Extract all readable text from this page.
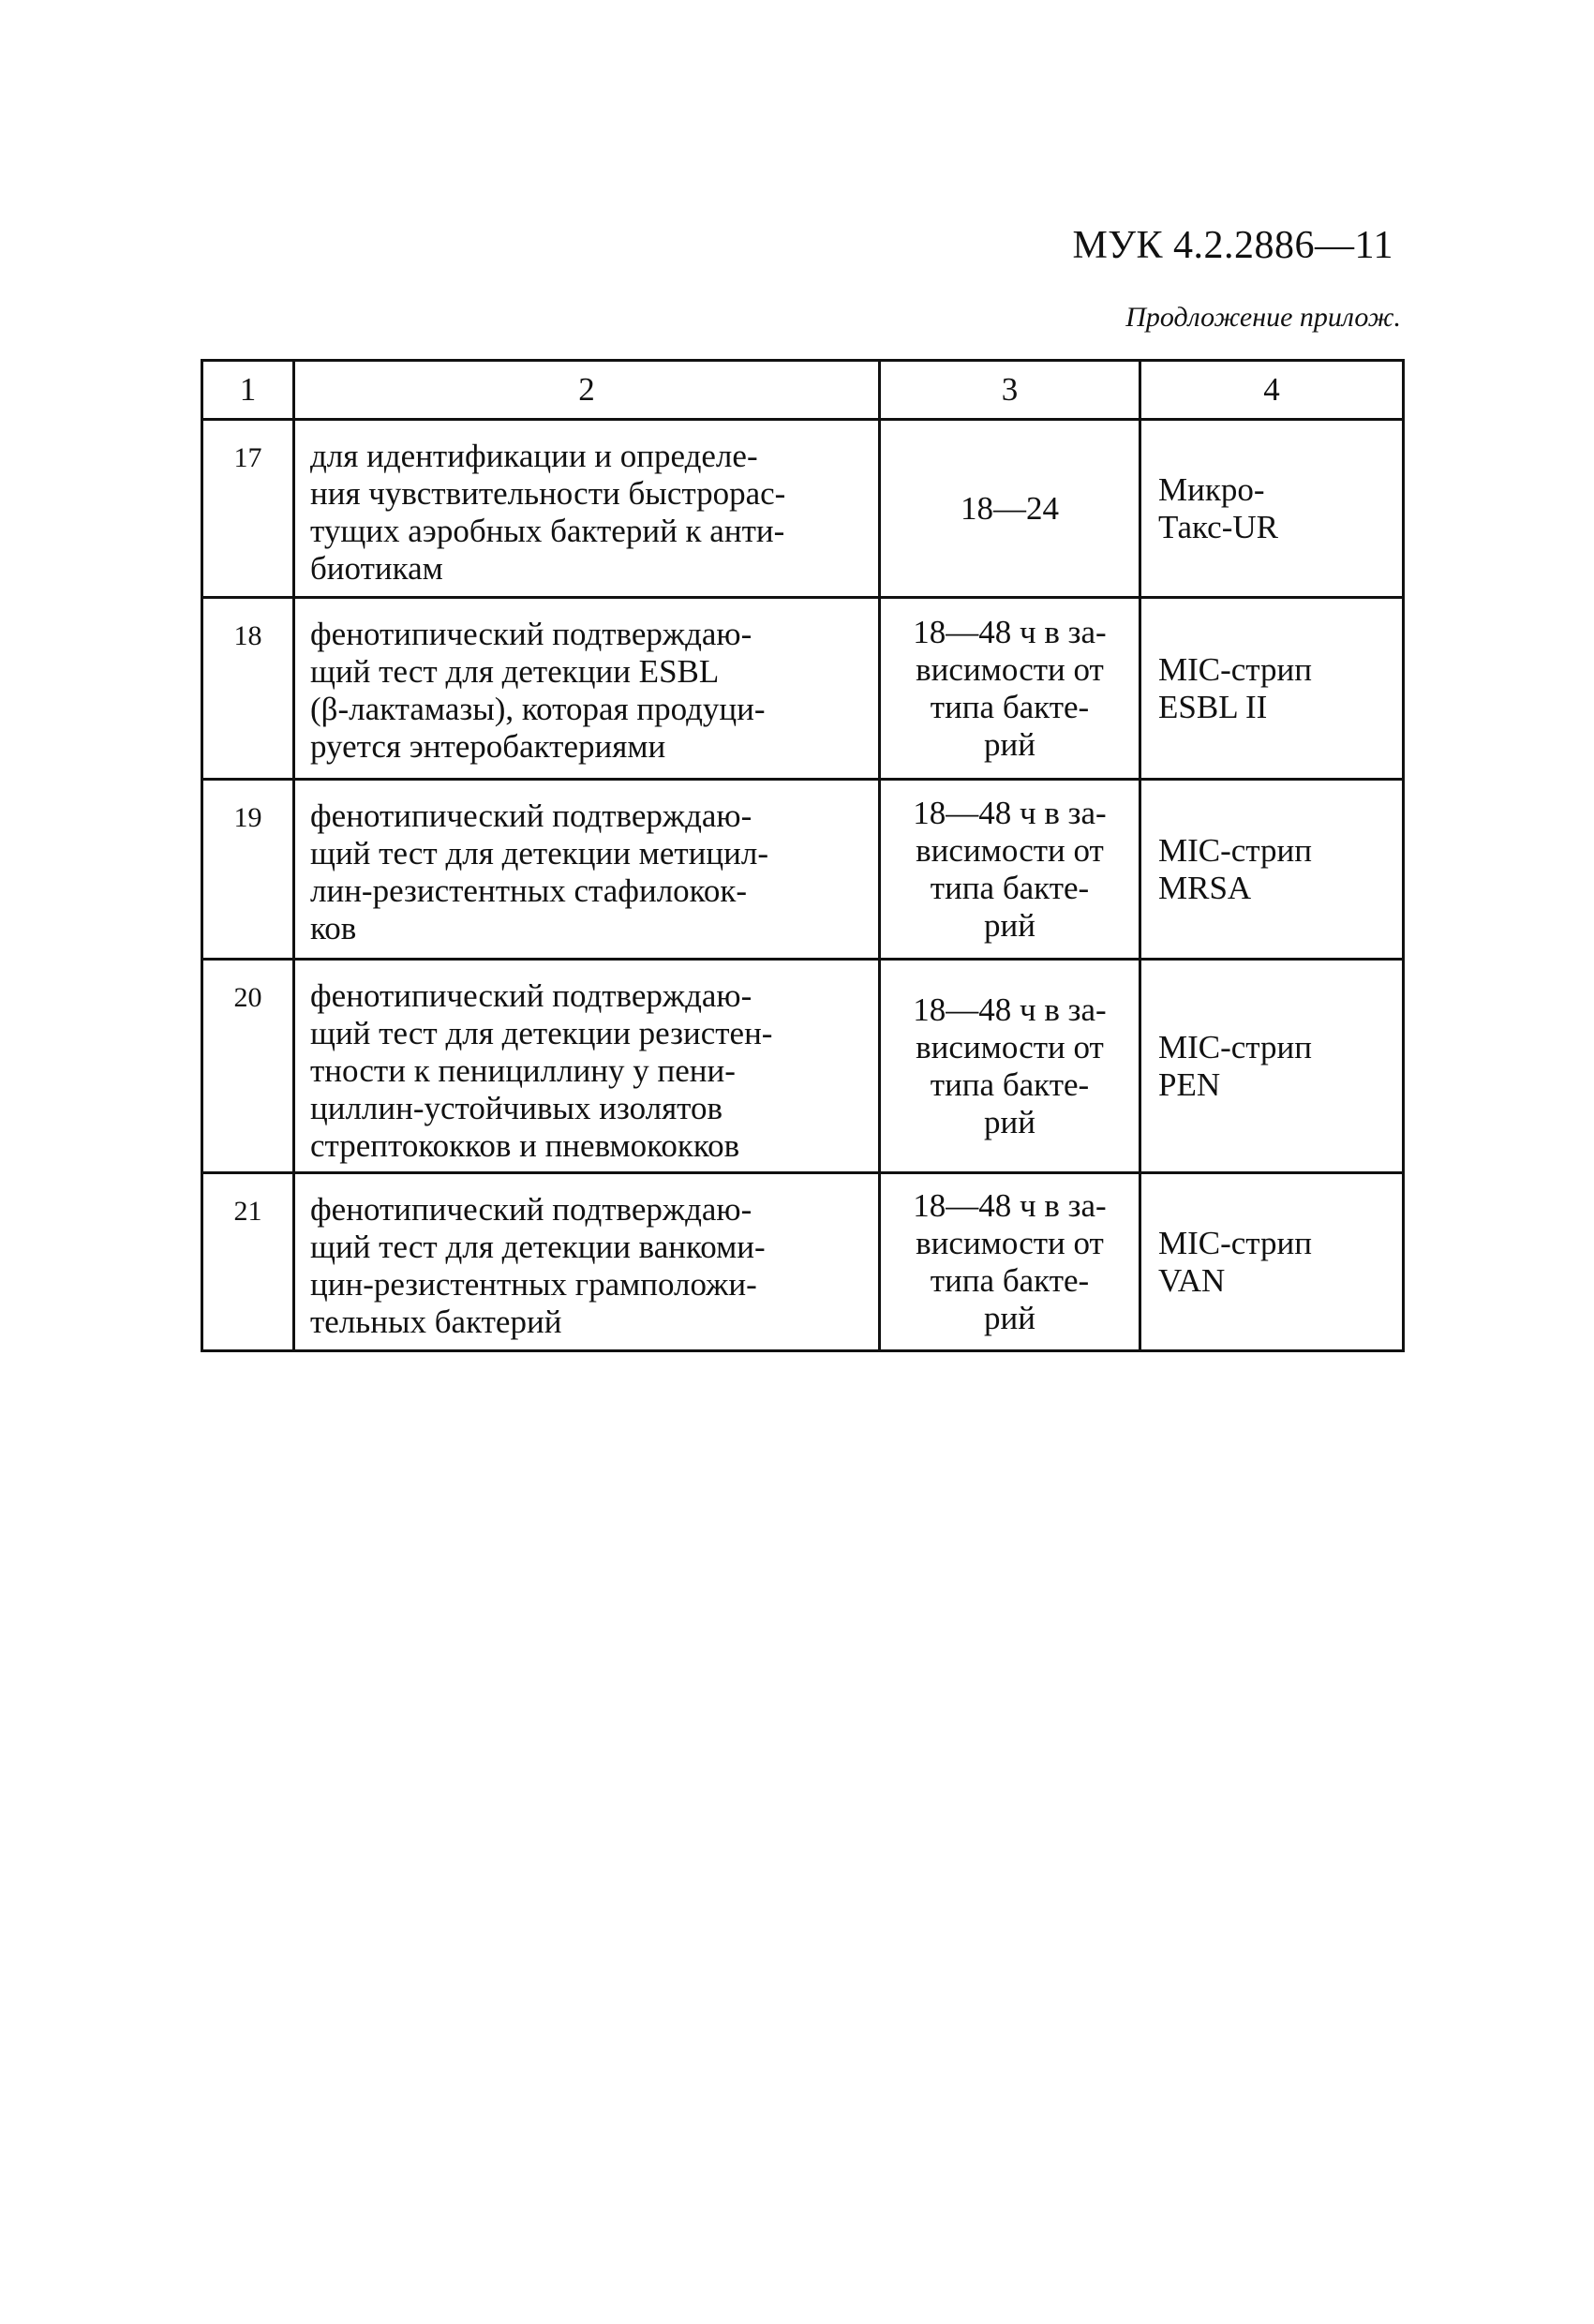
МУК 4.2.2886—11
Продложение прилож.
1	2	3	4
17	для идентификации и определе-
ния чувствительности быстрорас-
тущих аэробных бактерий к анти-
биотикам	18—24	Микро-
Такс-UR
18	фенотипический подтверждаю-
щий тест для детекции ESBL
(β-лактамазы), которая продуци-
руется энтеробактериями	18—48 ч в за-
висимости от
типа бакте-
рий	MIC-стрип
ESBL II
19	фенотипический подтверждаю-
щий тест для детекции метицил-
лин-резистентных стафилокок-
ков	18—48 ч в за-
висимости от
типа бакте-
рий	MIC-стрип
MRSA
20	фенотипический подтверждаю-
щий тест для детекции резистен-
тности к пенициллину у пени-
циллин-устойчивых изолятов
стрептококков и пневмококков	18—48 ч в за-
висимости от
типа бакте-
рий	MIC-стрип
PEN
21	фенотипический подтверждаю-
щий тест для детекции ванкоми-
цин-резистентных грамположи-
тельных бактерий	18—48 ч в за-
висимости от
типа бакте-
рий	MIC-стрип
VAN
